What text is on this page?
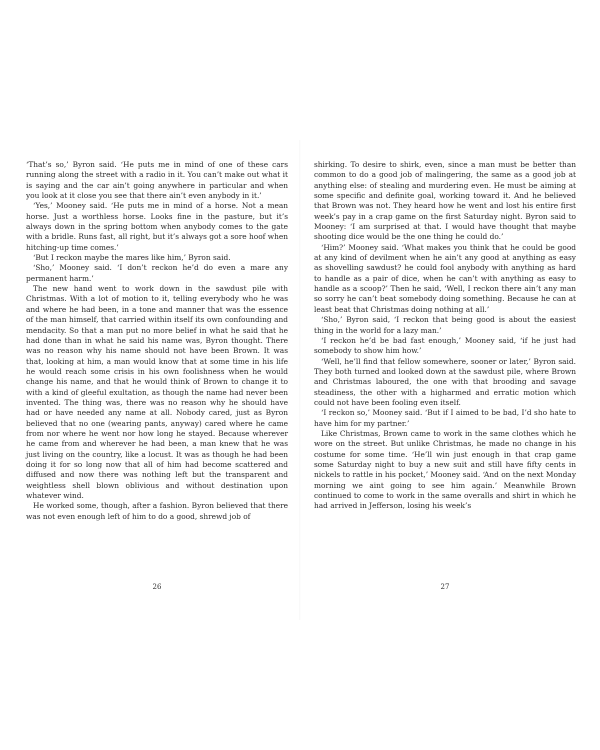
‘That’s so,’ Byron said. ‘He puts me in mind of one of these cars running along the street with a radio in it. You can’t make out what it is saying and the car ain’t going anywhere in particular and when you look at it close you see that there ain’t even anybody in it.’

‘Yes,’ Mooney said. ‘He puts me in mind of a horse. Not a mean horse. Just a worthless horse. Looks fine in the pasture, but it’s always down in the spring bottom when anybody comes to the gate with a bridle. Runs fast, all right, but it’s always got a sore hoof when hitching-up time comes.’

‘But I reckon maybe the mares like him,’ Byron said.

‘Sho,’ Mooney said. ‘I don’t reckon he’d do even a mare any permanent harm.’

The new hand went to work down in the sawdust pile with Christmas. With a lot of motion to it, telling everybody who he was and where he had been, in a tone and manner that was the essence of the man himself, that carried within itself its own confounding and mendacity. So that a man put no more belief in what he said that he had done than in what he said his name was, Byron thought. There was no reason why his name should not have been Brown. It was that, looking at him, a man would know that at some time in his life he would reach some crisis in his own foolishness when he would change his name, and that he would think of Brown to change it to with a kind of gleeful exultation, as though the name had never been invented. The thing was, there was no reason why he should have had or have needed any name at all. Nobody cared, just as Byron believed that no one (wearing pants, anyway) cared where he came from nor where he went nor how long he stayed. Because wherever he came from and wherever he had been, a man knew that he was just living on the country, like a locust. It was as though he had been doing it for so long now that all of him had become scattered and diffused and now there was nothing left but the transparent and weightless shell blown oblivious and without destination upon whatever wind.

He worked some, though, after a fashion. Byron believed that there was not even enough left of him to do a good, shrewd job of

26

shirking. To desire to shirk, even, since a man must be better than common to do a good job of malingering, the same as a good job at anything else: of stealing and murdering even. He must be aiming at some specific and definite goal, working toward it. And he believed that Brown was not. They heard how he went and lost his entire first week’s pay in a crap game on the first Saturday night. Byron said to Mooney: ‘I am surprised at that. I would have thought that maybe shooting dice would be the one thing he could do.’

‘Him?’ Mooney said. ‘What makes you think that he could be good at any kind of devilment when he ain’t any good at anything as easy as shovelling sawdust? he could fool anybody with anything as hard to handle as a pair of dice, when he can’t with anything as easy to handle as a scoop?’ Then he said, ‘Well, I reckon there ain’t any man so sorry he can’t beat somebody doing something. Because he can at least beat that Christmas doing nothing at all.’

‘Sho,’ Byron said, ‘I reckon that being good is about the easiest thing in the world for a lazy man.’

‘I reckon he’d be bad fast enough,’ Mooney said, ‘if he just had somebody to show him how.’

‘Well, he’ll find that fellow somewhere, sooner or later,’ Byron said. They both turned and looked down at the sawdust pile, where Brown and Christmas laboured, the one with that brooding and savage steadiness, the other with a higharmed and erratic motion which could not have been fooling even itself.

‘I reckon so,’ Mooney said. ‘But if I aimed to be bad, I’d sho hate to have him for my partner.’

Like Christmas, Brown came to work in the same clothes which he wore on the street. But unlike Christmas, he made no change in his costume for some time. ‘He’ll win just enough in that crap game some Saturday night to buy a new suit and still have fifty cents in nickels to rattle in his pocket,’ Mooney said. ‘And on the next Monday morning we aint going to see him again.’ Meanwhile Brown continued to come to work in the same overalls and shirt in which he had arrived in Jefferson, losing his week’s

27
